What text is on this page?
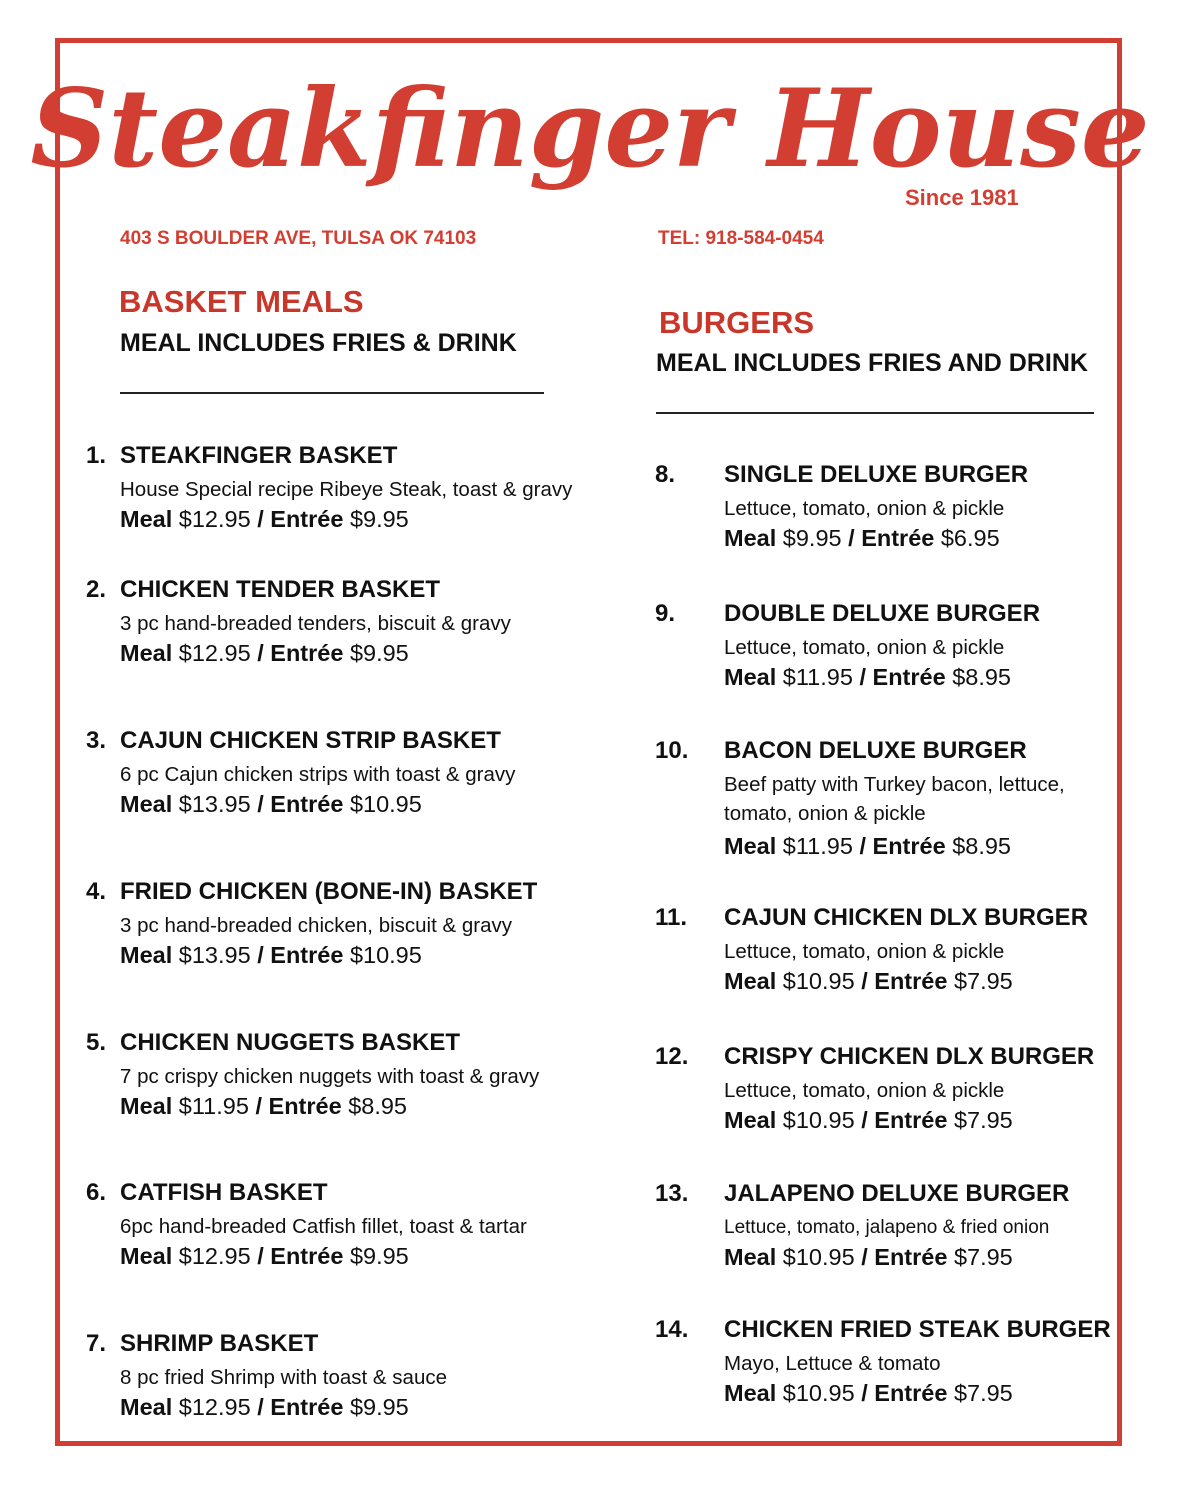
Steakfinger House
Since 1981
403 S BOULDER AVE, TULSA OK 74103	TEL: 918-584-0454
BASKET MEALS
MEAL INCLUDES FRIES & DRINK
BURGERS
MEAL INCLUDES FRIES AND DRINK
1. STEAKFINGER BASKET
House Special recipe Ribeye Steak, toast & gravy
Meal $12.95 / Entrée $9.95
2. CHICKEN TENDER BASKET
3 pc hand-breaded tenders, biscuit & gravy
Meal $12.95 / Entrée $9.95
3. CAJUN CHICKEN STRIP BASKET
6 pc Cajun chicken strips with toast & gravy
Meal $13.95 / Entrée $10.95
4. FRIED CHICKEN (BONE-IN) BASKET
3 pc hand-breaded chicken, biscuit & gravy
Meal $13.95 / Entrée $10.95
5. CHICKEN NUGGETS BASKET
7 pc crispy chicken nuggets with toast & gravy
Meal $11.95 / Entrée $8.95
6. CATFISH BASKET
6pc hand-breaded Catfish fillet, toast & tartar
Meal $12.95 / Entrée $9.95
7. SHRIMP BASKET
8 pc fried Shrimp with toast & sauce
Meal $12.95 / Entrée $9.95
8. SINGLE DELUXE BURGER
Lettuce, tomato, onion & pickle
Meal $9.95 / Entrée $6.95
9. DOUBLE DELUXE BURGER
Lettuce, tomato, onion & pickle
Meal $11.95 / Entrée $8.95
10. BACON DELUXE BURGER
Beef patty with Turkey bacon, lettuce, tomato, onion & pickle
Meal $11.95 / Entrée $8.95
11. CAJUN CHICKEN DLX BURGER
Lettuce, tomato, onion & pickle
Meal $10.95 / Entrée $7.95
12. CRISPY CHICKEN DLX BURGER
Lettuce, tomato, onion & pickle
Meal $10.95 / Entrée $7.95
13. JALAPENO DELUXE BURGER
Lettuce, tomato, jalapeno & fried onion
Meal $10.95 / Entrée $7.95
14. CHICKEN FRIED STEAK BURGER
Mayo, Lettuce & tomato
Meal $10.95 / Entrée $7.95
